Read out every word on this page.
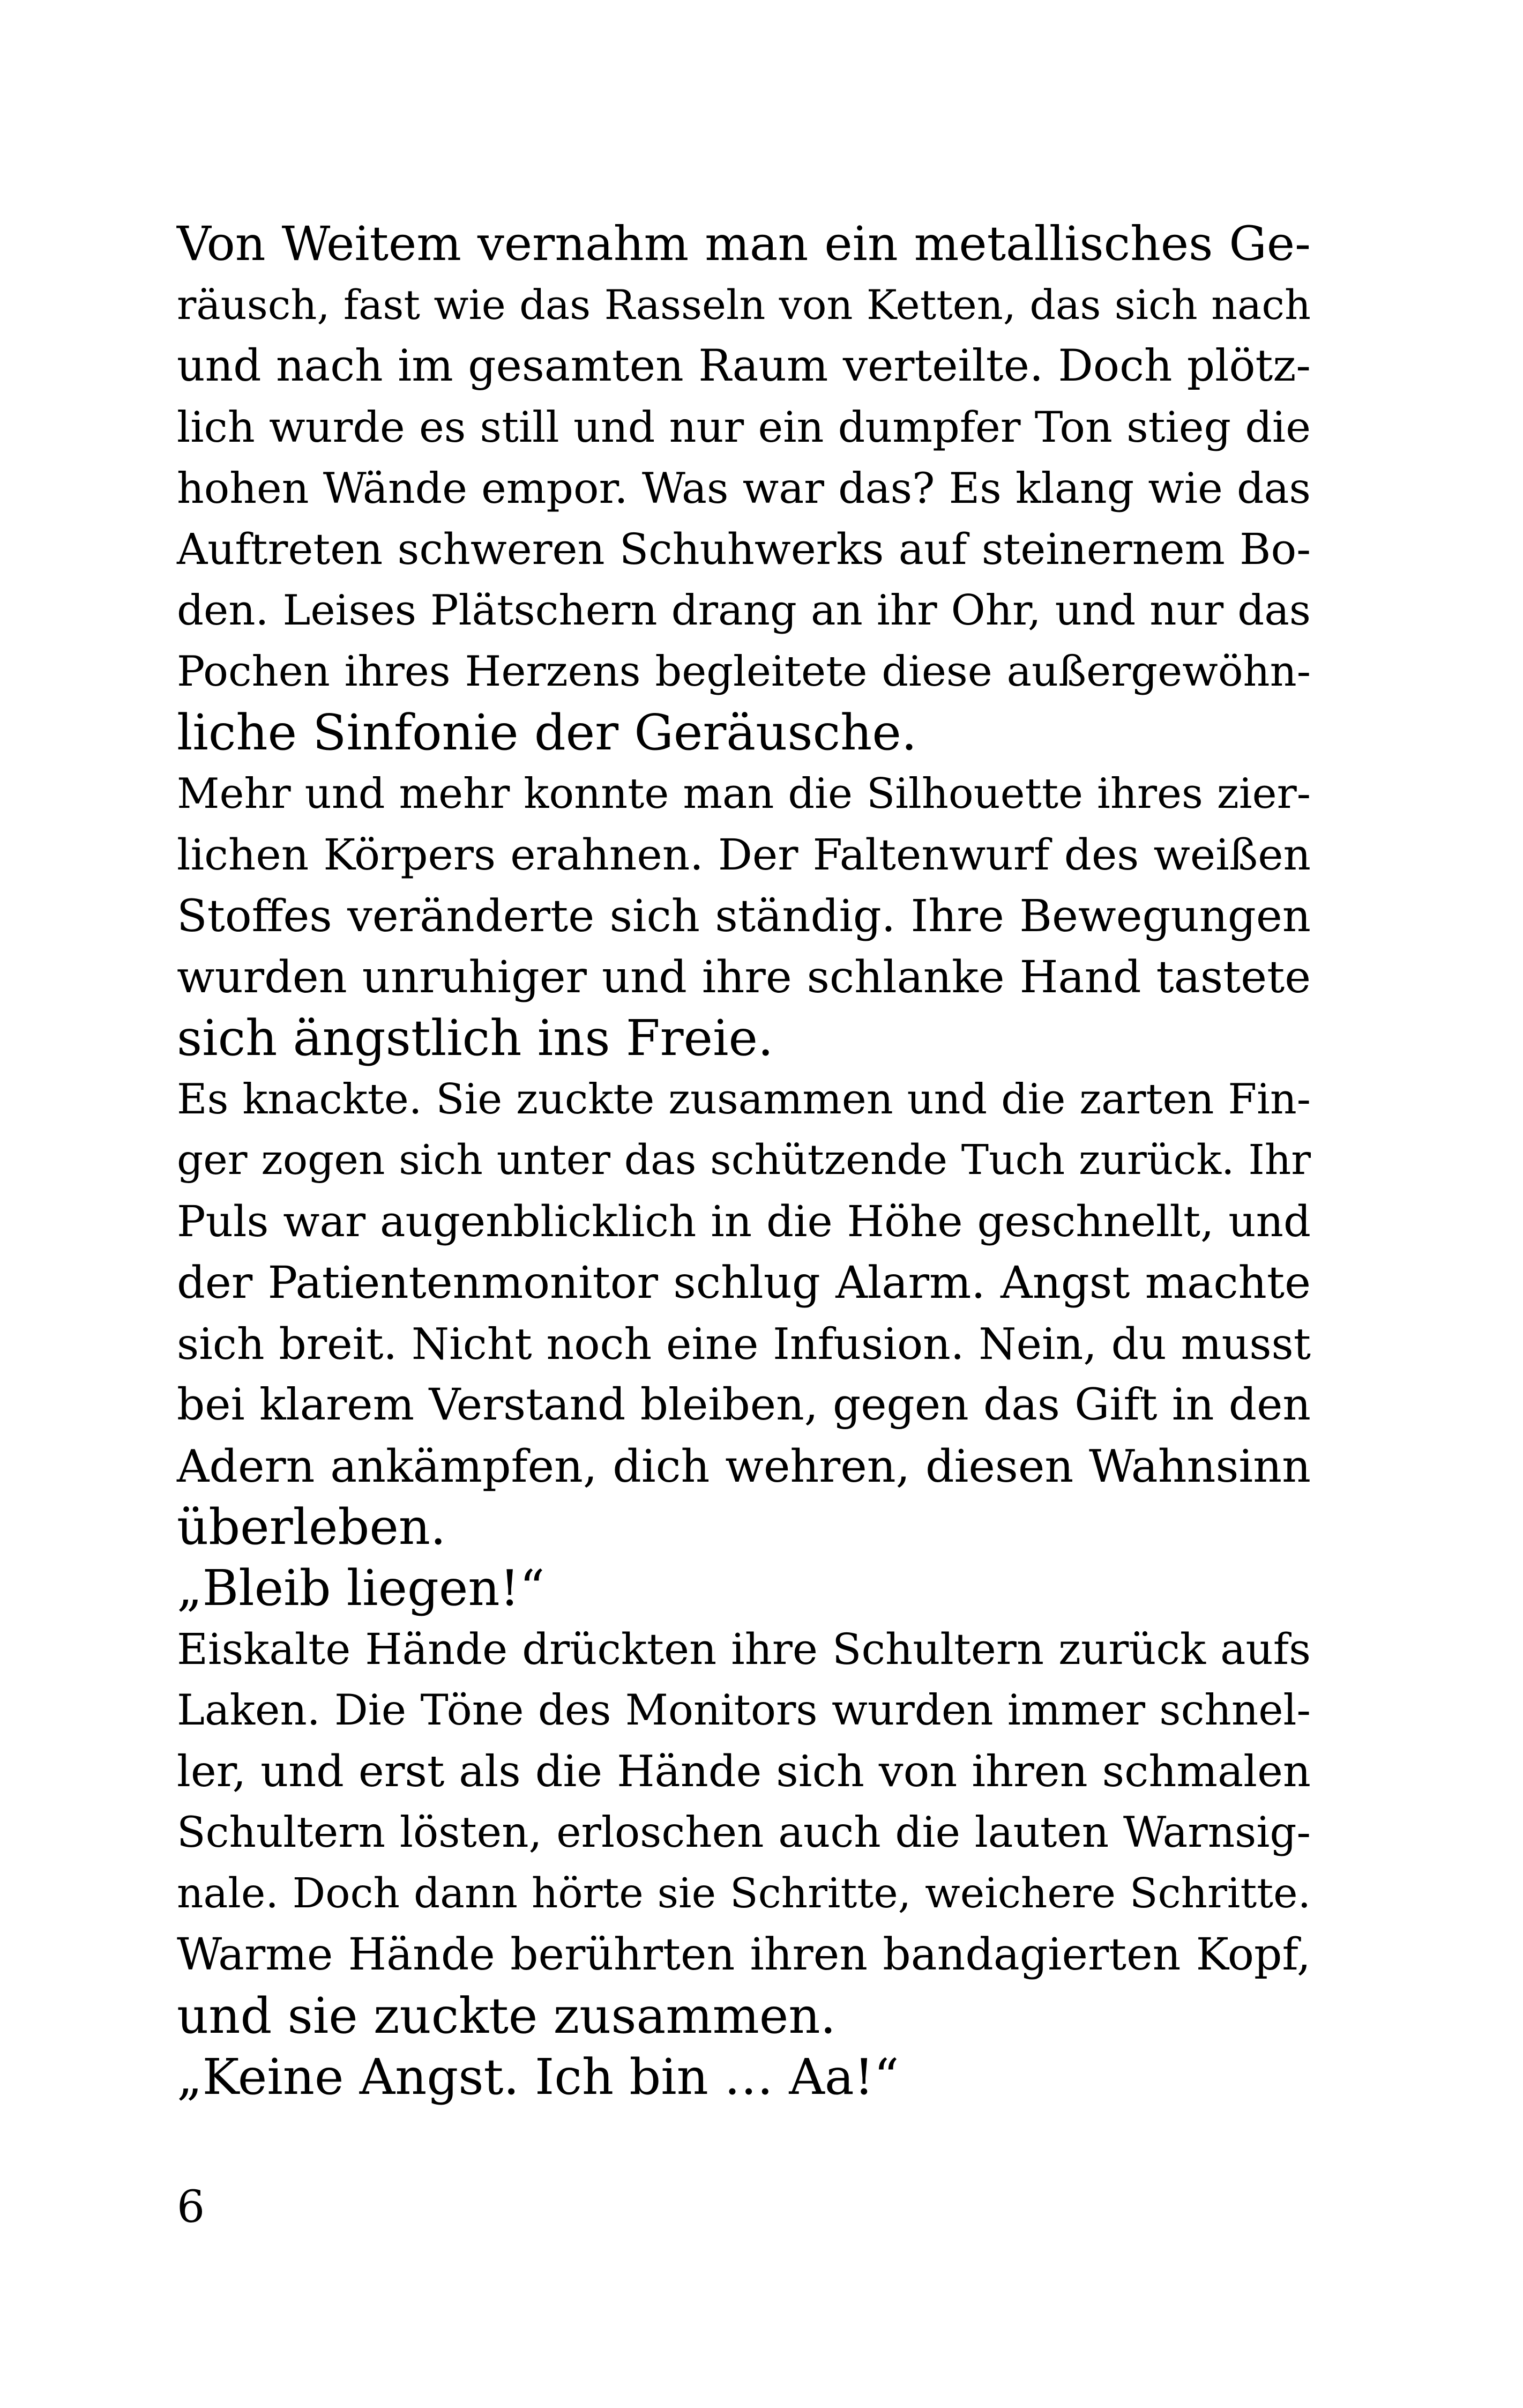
Von Weitem vernahm man ein metallisches Ge-
räusch, fast wie das Rasseln von Ketten, das sich nach
und nach im gesamten Raum verteilte. Doch plötz-
lich wurde es still und nur ein dumpfer Ton stieg die
hohen Wände empor. Was war das? Es klang wie das
Auftreten schweren Schuhwerks auf steinernem Bo-
den. Leises Plätschern drang an ihr Ohr, und nur das
Pochen ihres Herzens begleitete diese außergewöhn-
liche Sinfonie der Geräusche.
Mehr und mehr konnte man die Silhouette ihres zier-
lichen Körpers erahnen. Der Faltenwurf des weißen
Stoffes veränderte sich ständig. Ihre Bewegungen
wurden unruhiger und ihre schlanke Hand tastete
sich ängstlich ins Freie.
Es knackte. Sie zuckte zusammen und die zarten Fin-
ger zogen sich unter das schützende Tuch zurück. Ihr
Puls war augenblicklich in die Höhe geschnellt, und
der Patientenmonitor schlug Alarm. Angst machte
sich breit. Nicht noch eine Infusion. Nein, du musst
bei klarem Verstand bleiben, gegen das Gift in den
Adern ankämpfen, dich wehren, diesen Wahnsinn
überleben.
„Bleib liegen!“
Eiskalte Hände drückten ihre Schultern zurück aufs
Laken. Die Töne des Monitors wurden immer schnel-
ler, und erst als die Hände sich von ihren schmalen
Schultern lösten, erloschen auch die lauten Warnsig-
nale. Doch dann hörte sie Schritte, weichere Schritte.
Warme Hände berührten ihren bandagierten Kopf,
und sie zuckte zusammen.
„Keine Angst. Ich bin … Aa!“
6
